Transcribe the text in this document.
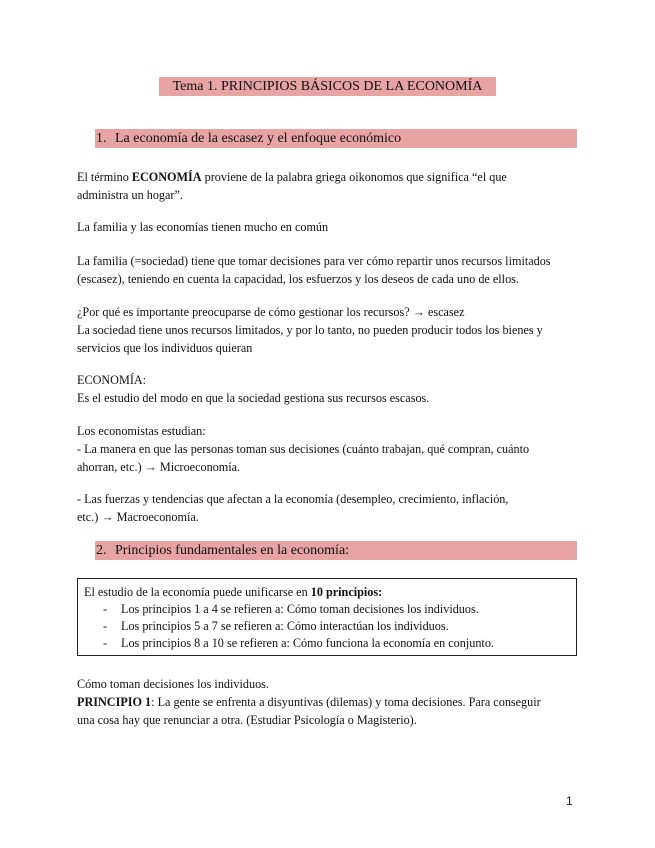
Tema 1. PRINCIPIOS BÁSICOS DE LA ECONOMÍA
1. La economía de la escasez y el enfoque económico
El término ECONOMÍA proviene de la palabra griega oikonomos que significa “el que
administra un hogar”.
La familia y las economías tienen mucho en común
La familia (=sociedad) tiene que tomar decisiones para ver cómo repartir unos recursos limitados
(escasez), teniendo en cuenta la capacidad, los esfuerzos y los deseos de cada uno de ellos.
¿Por qué es importante preocuparse de cómo gestionar los recursos? → escasez
La sociedad tiene unos recursos limitados, y por lo tanto, no pueden producir todos los bienes y
servicios que los individuos quieran
ECONOMÍA:
Es el estudio del modo en que la sociedad gestiona sus recursos escasos.
Los economistas estudian:
- La manera en que las personas toman sus decisiones (cuánto trabajan, qué compran, cuánto
ahorran, etc.) → Microeconomía.
- Las fuerzas y tendencias que afectan a la economía (desempleo, crecimiento, inflación,
etc.) → Macroeconomía.
2. Principios fundamentales en la economía:
El estudio de la economía puede unificarse en 10 principios:
- Los principios 1 a 4 se refieren a: Cómo toman decisiones los individuos.
- Los principios 5 a 7 se refieren a: Cómo interactúan los individuos.
- Los principios 8 a 10 se refieren a: Cómo funciona la economía en conjunto.
Cómo toman decisiones los individuos.
PRINCIPIO 1: La gente se enfrenta a disyuntivas (dilemas) y toma decisiones. Para conseguir
una cosa hay que renunciar a otra. (Estudiar Psicología o Magisterio).
1
